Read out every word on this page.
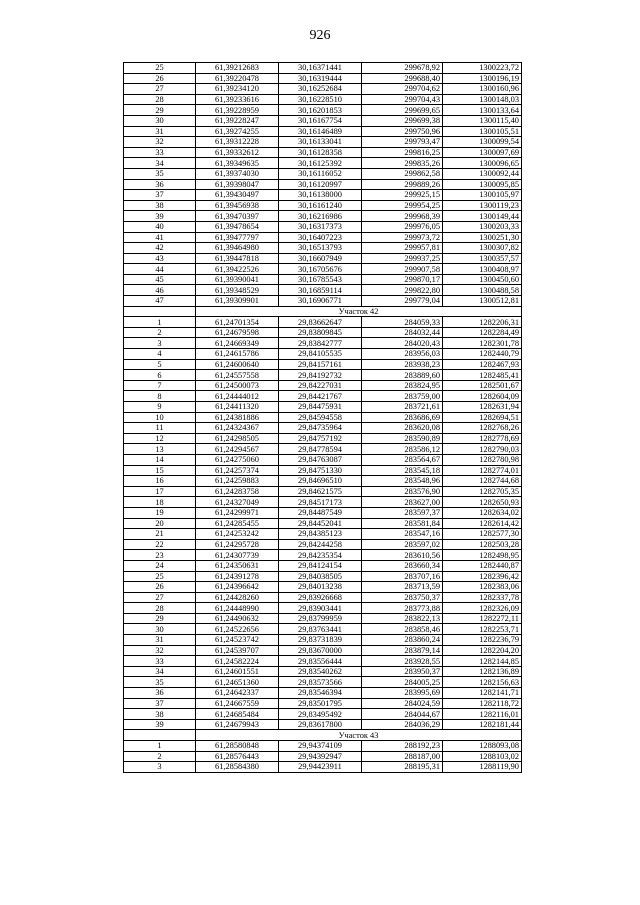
926
25	61,39212683	30,16371441	299678,92	1300223,72
26	61,39220478	30,16319444	299688,40	1300196,19
27	61,39234120	30,16252684	299704,62	1300160,96
28	61,39233616	30,16228510	299704,43	1300148,03
29	61,39228959	30,16201853	299699,65	1300133,64
30	61,39228247	30,16167754	299699,38	1300115,40
31	61,39274255	30,16146489	299750,96	1300105,51
32	61,39312228	30,16133041	299793,47	1300099,54
33	61,39332612	30,16128358	299816,25	1300097,69
34	61,39349635	30,16125392	299835,26	1300096,65
35	61,39374030	30,16116052	299862,58	1300092,44
36	61,39398047	30,16120997	299889,26	1300095,85
37	61,39430497	30,16138000	299925,15	1300105,97
38	61,39456938	30,16161240	299954,25	1300119,23
39	61,39470397	30,16216986	299968,39	1300149,44
40	61,39478654	30,16317373	299976,05	1300203,33
41	61,39477797	30,16407223	299973,72	1300251,30
42	61,39464980	30,16513793	299957,81	1300307,82
43	61,39447818	30,16607949	299937,25	1300357,57
44	61,39422526	30,16705676	299907,58	1300408,97
45	61,39390041	30,16785543	299870,17	1300450,60
46	61,39348529	30,16859114	299822,80	1300488,58
47	61,39309901	30,16906771	299779,04	1300512,81
	Участок 42			
1	61,24701354	29,83662647	284059,33	1282206,31
2	61,24679598	29,83809845	284032,44	1282284,49
3	61,24669349	29,83842777	284020,43	1282301,78
4	61,24615786	29,84105535	283956,03	1282440,79
5	61,24600640	29,84157161	283938,23	1282467,93
6	61,24557558	29,84192732	283889,60	1282485,41
7	61,24500073	29,84227031	283824,95	1282501,67
8	61,24444012	29,84421767	283759,00	1282604,09
9	61,24411320	29,84475931	283721,61	1282631,94
10	61,24381886	29,84594558	283686,69	1282694,51
11	61,24324367	29,84735964	283620,08	1282768,26
12	61,24298505	29,84757192	283590,89	1282778,69
13	61,24294567	29,84778594	283586,12	1282790,03
14	61,24275060	29,84763087	283564,67	1282780,98
15	61,24257374	29,84751330	283545,18	1282774,01
16	61,24259883	29,84696510	283548,96	1282744,68
17	61,24283758	29,84621575	283576,90	1282705,35
18	61,24327049	29,84517173	283627,00	1282650,93
19	61,24299971	29,84487549	283597,37	1282634,02
20	61,24285455	29,84452041	283581,84	1282614,42
21	61,24253242	29,84385123	283547,16	1282577,30
22	61,24295728	29,84244258	283597,02	1282503,28
23	61,24307739	29,84235354	283610,56	1282498,95
24	61,24350631	29,84124154	283660,34	1282440,87
25	61,24391278	29,84038505	283707,16	1282396,42
26	61,24396642	29,84013238	283713,59	1282383,06
27	61,24428260	29,83926668	283750,37	1282337,78
28	61,24448990	29,83903441	283773,88	1282326,09
29	61,24490632	29,83799959	283822,13	1282272,11
30	61,24522656	29,83763441	283858,46	1282253,71
31	61,24523742	29,83731839	283860,24	1282236,79
32	61,24539707	29,83670000	283879,14	1282204,20
33	61,24582224	29,83556444	283928,55	1282144,85
34	61,24601551	29,83540262	283950,37	1282136,89
35	61,24651360	29,83573566	284005,25	1282156,63
36	61,24642337	29,83546394	283995,69	1282141,71
37	61,24667559	29,83501795	284024,59	1282118,72
38	61,24685484	29,83495492	284044,67	1282116,01
39	61,24679943	29,83617800	284036,29	1282181,44
	Участок 43			
1	61,28580848	29,94374109	288192,23	1288093,08
2	61,28576443	29,94392947	288187,00	1288103,02
3	61,28584380	29,94423911	288195,31	1288119,90
